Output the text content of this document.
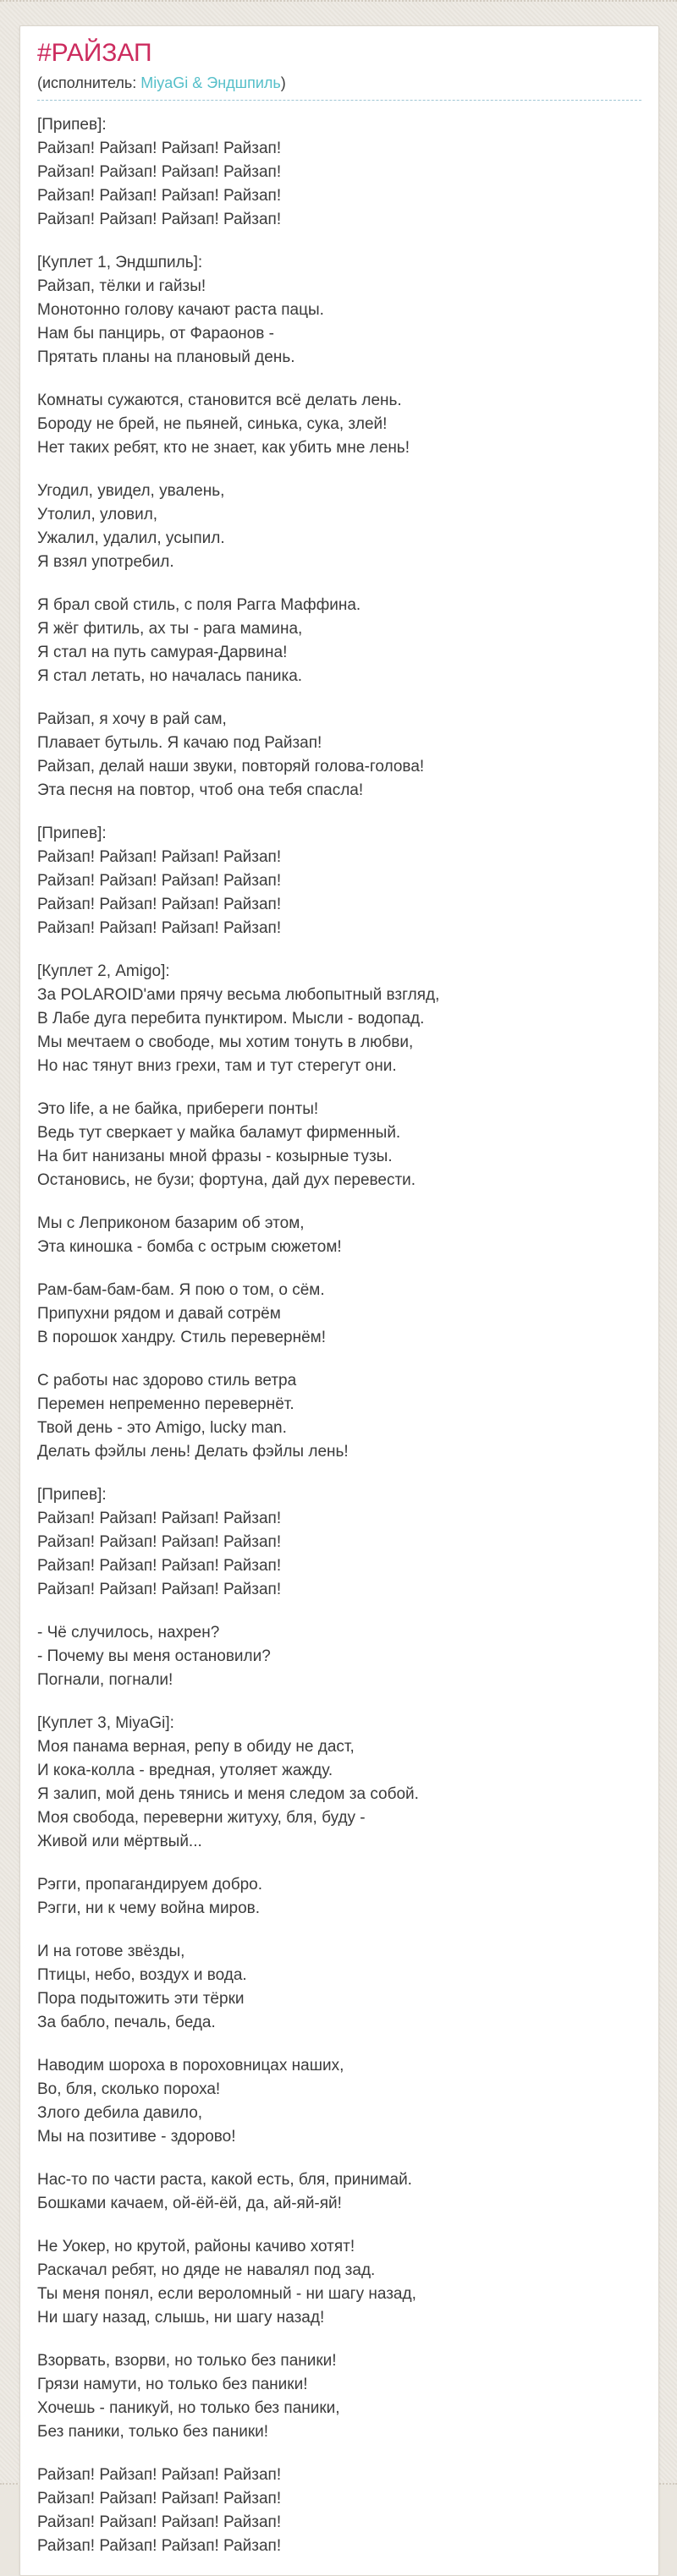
#РАЙЗАП
(исполнитель: MiyaGi & Эндшпиль)
[Припев]:
Райзап! Райзап! Райзап! Райзап!
Райзап! Райзап! Райзап! Райзап!
Райзап! Райзап! Райзап! Райзап!
Райзап! Райзап! Райзап! Райзап!
[Куплет 1, Эндшпиль]:
Райзап, тёлки и гайзы!
Монотонно голову качают раста пацы.
Нам бы панцирь, от Фараонов -
Прятать планы на плановый день.
Комнаты сужаются, становится всё делать лень.
Бороду не брей, не пьяней, синька, сука, злей!
Нет таких ребят, кто не знает, как убить мне лень!
Угодил, увидел, увалень,
Утолил, уловил,
Ужалил, удалил, усыпил.
Я взял употребил.
Я брал свой стиль, с поля Рагга Маффина.
Я жёг фитиль, ах ты - рага мамина,
Я стал на путь самурая-Дарвина!
Я стал летать, но началась паника.
Райзап, я хочу в рай сам,
Плавает бутыль. Я качаю под Райзап!
Райзап, делай наши звуки, повторяй голова-голова!
Эта песня на повтор, чтоб она тебя спасла!
[Припев]:
Райзап! Райзап! Райзап! Райзап!
Райзап! Райзап! Райзап! Райзап!
Райзап! Райзап! Райзап! Райзап!
Райзап! Райзап! Райзап! Райзап!
[Куплет 2, Amigo]:
За POLAROID'ами прячу весьма любопытный взгляд,
В Лабе дуга перебита пунктиром. Мысли - водопад.
Мы мечтаем о свободе, мы хотим тонуть в любви,
Но нас тянут вниз грехи, там и тут стерегут они.
Это life, а не байка, прибереги понты!
Ведь тут сверкает у майка баламут фирменный.
На бит нанизаны мной фразы - козырные тузы.
Остановись, не бузи; фортуна, дай дух перевести.
Мы с Леприконом базарим об этом,
Эта киношка - бомба с острым сюжетом!
Рам-бам-бам-бам. Я пою о том, о сём.
Припухни рядом и давай сотрём
В порошок хандру. Стиль перевернём!
С работы нас здорово стиль ветра
Перемен непременно перевернёт.
Твой день - это Amigo, lucky man.
Делать фэйлы лень! Делать фэйлы лень!
[Припев]:
Райзап! Райзап! Райзап! Райзап!
Райзап! Райзап! Райзап! Райзап!
Райзап! Райзап! Райзап! Райзап!
Райзап! Райзап! Райзап! Райзап!
- Чё случилось, нахрен?
- Почему вы меня остановили?
Погнали, погнали!
[Куплет 3, MiyaGi]:
Моя панама верная, репу в обиду не даст,
И кока-колла - вредная, утоляет жажду.
Я залип, мой день тянись и меня следом за собой.
Моя свобода, переверни житуху, бля, буду -
Живой или мёртвый...
Рэгги, пропагандируем добро.
Рэгги, ни к чему война миров.
И на готове звёзды,
Птицы, небо, воздух и вода.
Пора подытожить эти тёрки
За бабло, печаль, беда.
Наводим шороха в пороховницах наших,
Во, бля, сколько пороха!
Злого дебила давило,
Мы на позитиве - здорово!
Нас-то по части раста, какой есть, бля, принимай.
Бошками качаем, ой-ёй-ёй, да, ай-яй-яй!
Не Уокер, но крутой, районы качиво хотят!
Раскачал ребят, но дяде не навалял под зад.
Ты меня понял, если вероломный - ни шагу назад,
Ни шагу назад, слышь, ни шагу назад!
Взорвать, взорви, но только без паники!
Грязи намути, но только без паники!
Хочешь - паникуй, но только без паники,
Без паники, только без паники!
Райзап! Райзап! Райзап! Райзап!
Райзап! Райзап! Райзап! Райзап!
Райзап! Райзап! Райзап! Райзап!
Райзап! Райзап! Райзап! Райзап!
